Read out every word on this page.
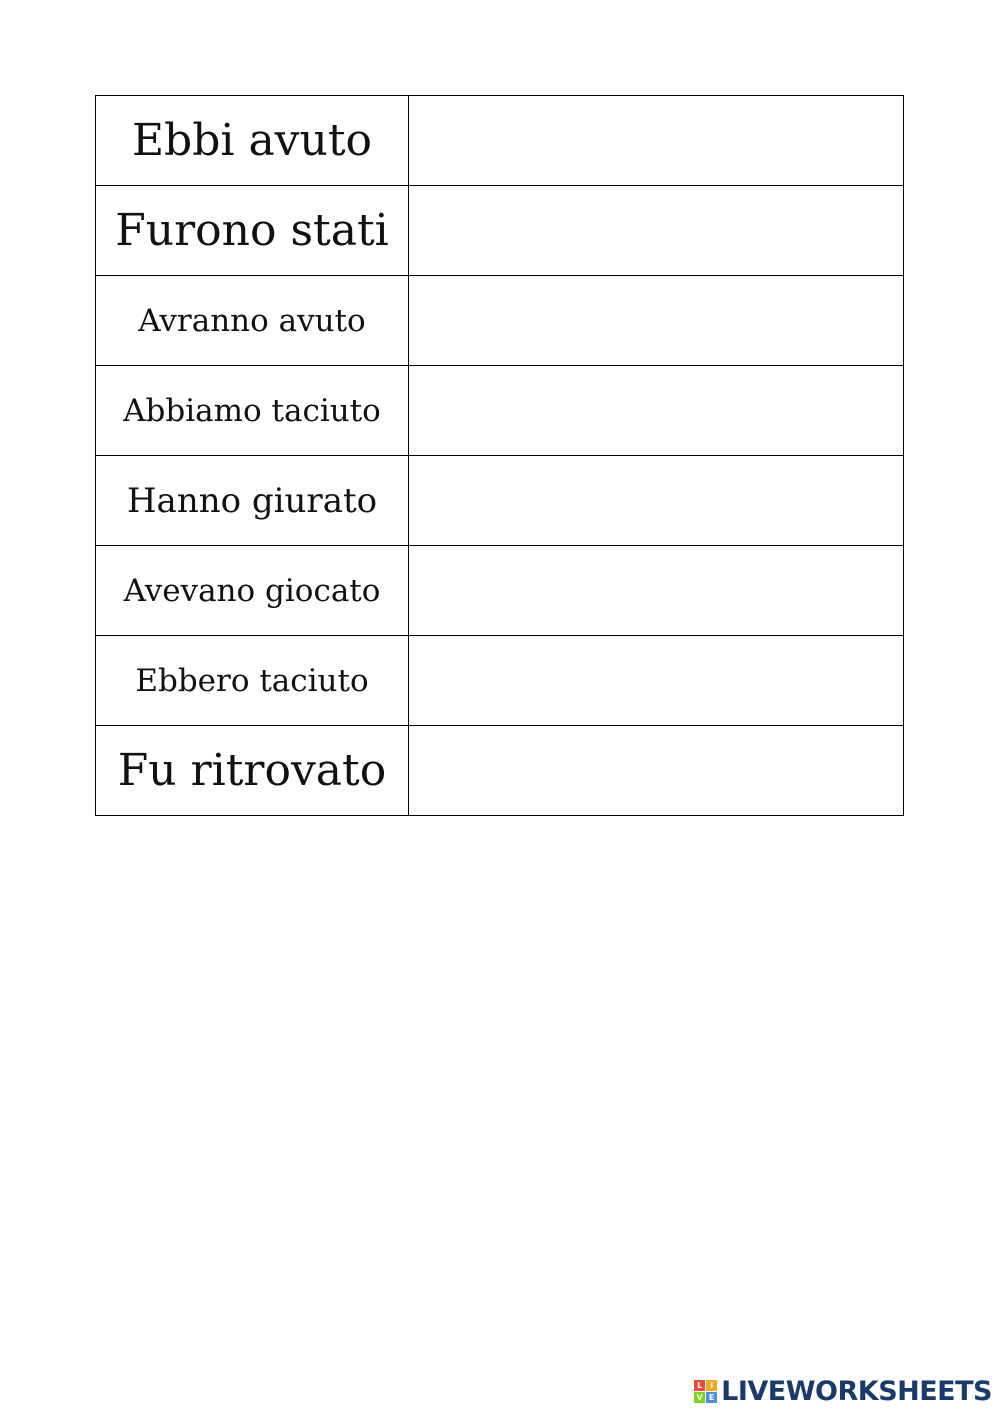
Ebbi avuto	
Furono stati	
Avranno avuto	
Abbiamo taciuto	
Hanno giurato	
Avevano giocato	
Ebbero taciuto	
Fu ritrovato	
L I
V E LIVEWORKSHEETS
